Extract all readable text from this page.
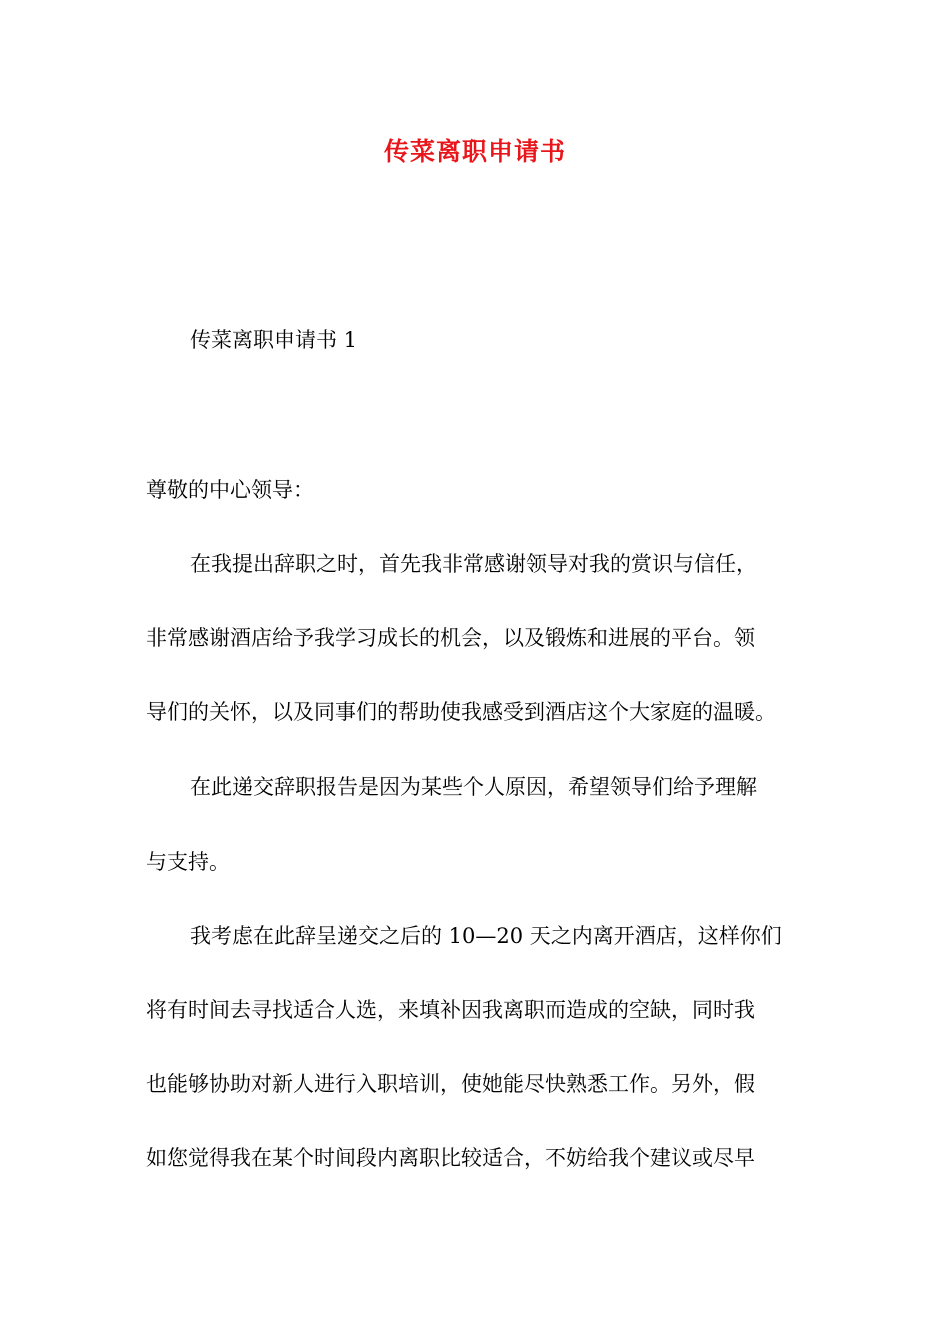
传菜离职申请书

传菜离职申请书 1

尊敬的中心领导：

在我提出辞职之时，首先我非常感谢领导对我的赏识与信任，

非常感谢酒店给予我学习成长的机会，以及锻炼和进展的平台。领

导们的关怀，以及同事们的帮助使我感受到酒店这个大家庭的温暖。

在此递交辞职报告是因为某些个人原因，希望领导们给予理解

与支持。

我考虑在此辞呈递交之后的 10—20 天之内离开酒店，这样你们

将有时间去寻找适合人选，来填补因我离职而造成的空缺，同时我

也能够协助对新人进行入职培训，使她能尽快熟悉工作。另外，假

如您觉得我在某个时间段内离职比较适合，不妨给我个建议或尽早
